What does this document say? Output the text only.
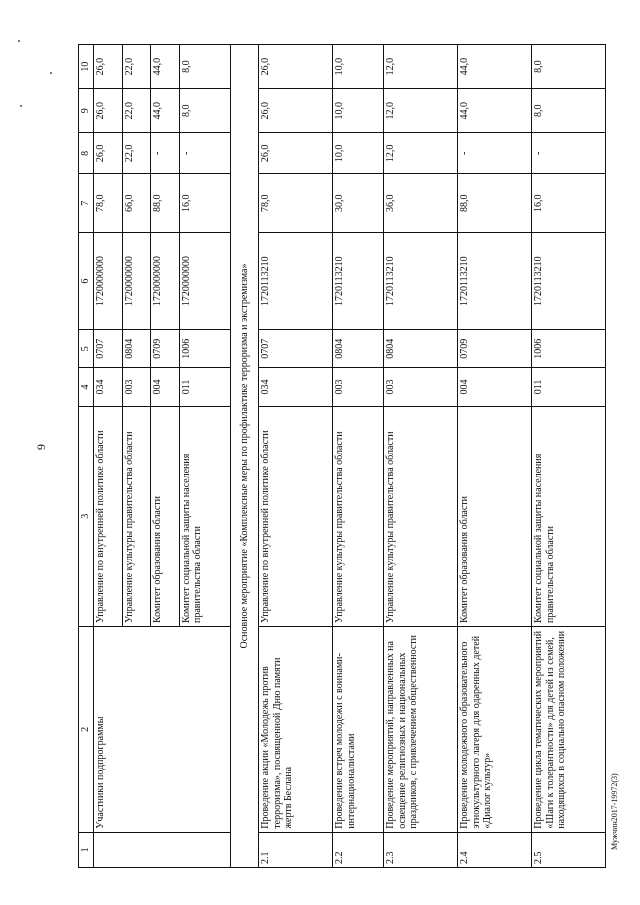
9
Мужчин2017-19972(3)
1	2	3	4	5	6	7	8	9	10
	Участники подпрограммы	Управление по внутренней политике области	034	0707	1720000000	78,0	26,0	26,0	26,0
		Управление культуры правительства области	003	0804	1720000000	66,0	22,0	22,0	22,0
		Комитет образования области	004	0709	1720000000	88,0	-	44,0	44,0
		Комитет социальной защиты населения правительства области	011	1006	1720000000	16,0	-	8,0	8,0
Основное мероприятие «Комплексные меры по профилактике терроризма и экстремизма»									
2.1	Проведение акции «Молодежь против терроризма», посвященной Дню памяти жертв Беслана	Управление по внутренней политике области	034	0707	1720113210	78,0	26,0	26,0	26,0
2.2	Проведение встреч молодежи с воинами-интернационалистами	Управление культуры правительства области	003	0804	1720113210	30,0	10,0	10,0	10,0
2.3	Проведение мероприятий, направленных на освещение религиозных и национальных праздников, с привлечением общественности	Управление культуры правительства области	003	0804	1720113210	36,0	12,0	12,0	12,0
2.4	Проведение молодежного образовательного этнокультурного лагеря для одаренных детей «Диалог культур»	Комитет образования области	004	0709	1720113210	88,0	-	44,0	44,0
2.5	Проведение цикла тематических мероприятий «Шаги к толерантности» для детей из семей, находящихся в социально опасном положении	Комитет социальной защиты населения правительства области	011	1006	1720113210	16,0	-	8,0	8,0
